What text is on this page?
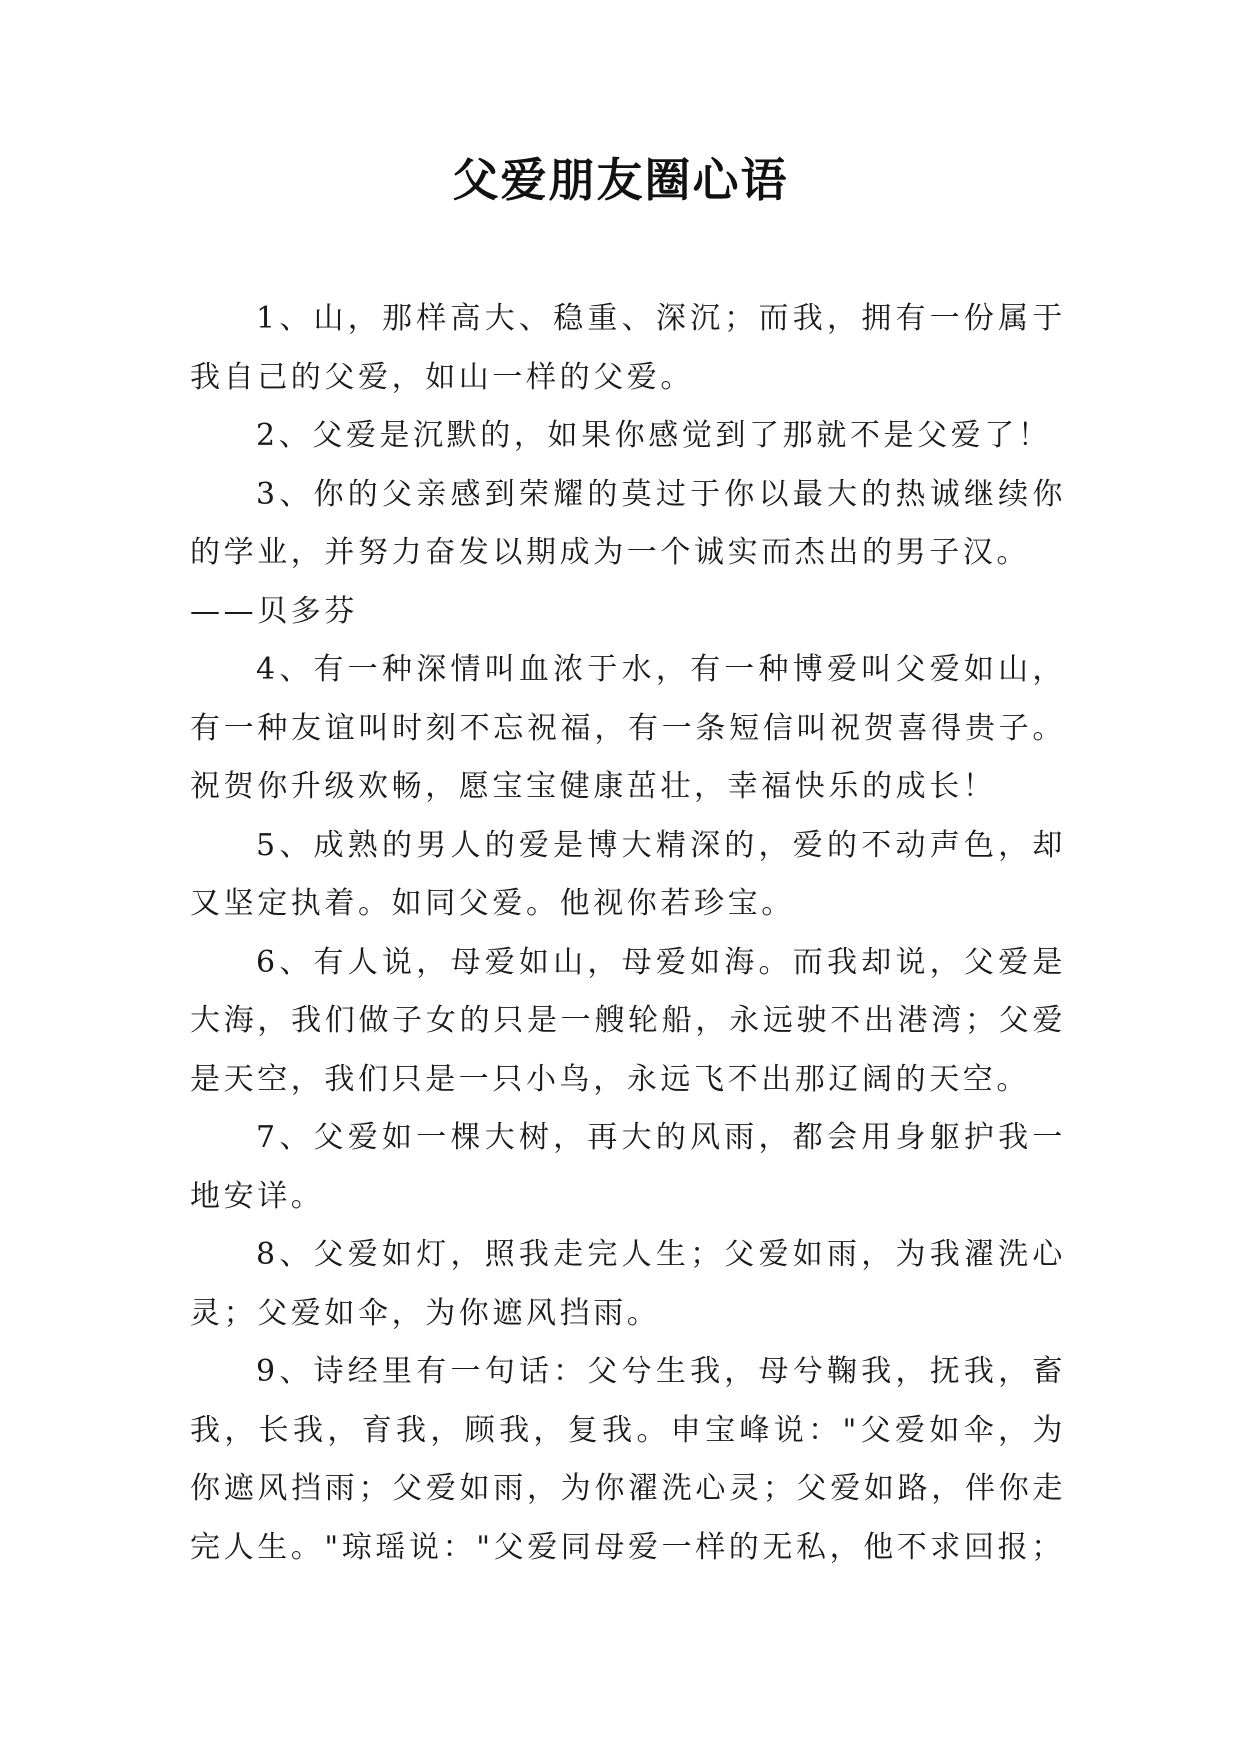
父爱朋友圈心语

1、山，那样高大、稳重、深沉；而我，拥有一份属于我自己的父爱，如山一样的父爱。

2、父爱是沉默的，如果你感觉到了那就不是父爱了！

3、你的父亲感到荣耀的莫过于你以最大的热诚继续你的学业，并努力奋发以期成为一个诚实而杰出的男子汉。

——贝多芬

4、有一种深情叫血浓于水，有一种博爱叫父爱如山，有一种友谊叫时刻不忘祝福，有一条短信叫祝贺喜得贵子。祝贺你升级欢畅，愿宝宝健康茁壮，幸福快乐的成长！

5、成熟的男人的爱是博大精深的，爱的不动声色，却又坚定执着。如同父爱。他视你若珍宝。

6、有人说，母爱如山，母爱如海。而我却说，父爱是大海，我们做子女的只是一艘轮船，永远驶不出港湾；父爱是天空，我们只是一只小鸟，永远飞不出那辽阔的天空。

7、父爱如一棵大树，再大的风雨，都会用身躯护我一地安详。

8、父爱如灯，照我走完人生；父爱如雨，为我濯洗心灵；父爱如伞，为你遮风挡雨。

9、诗经里有一句话：父兮生我，母兮鞠我，抚我，畜我，长我，育我，顾我，复我。申宝峰说："父爱如伞，为你遮风挡雨；父爱如雨，为你濯洗心灵；父爱如路，伴你走完人生。"琼瑶说："父爱同母爱一样的无私，他不求回报；
